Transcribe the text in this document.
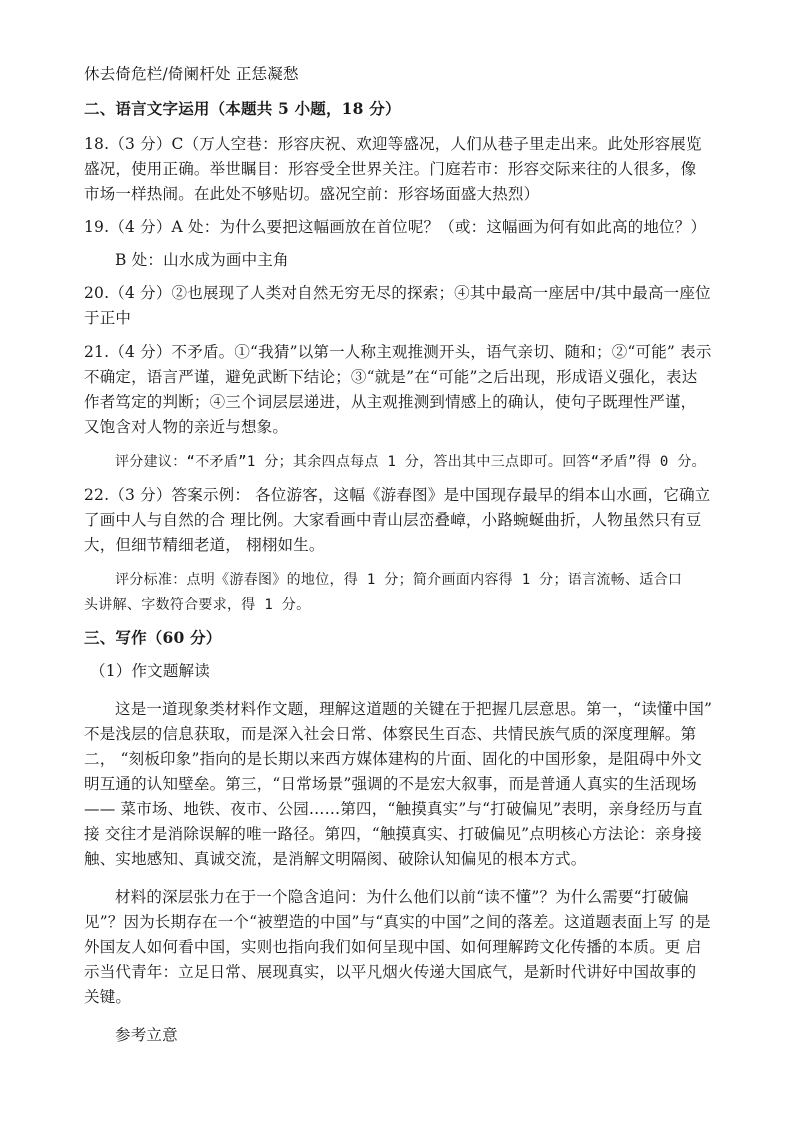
休去倚危栏/倚阑杆处 正恁凝愁
二、语言文字运用（本题共 5 小题，18 分）
18.（3 分）C（万人空巷：形容庆祝、欢迎等盛况，人们从巷子里走出来。此处形容展览
盛况，使用正确。举世瞩目：形容受全世界关注。门庭若市：形容交际来往的人很多，像
市场一样热闹。在此处不够贴切。盛况空前：形容场面盛大热烈）
19.（4 分）A 处：为什么要把这幅画放在首位呢？（或：这幅画为何有如此高的地位？）
B 处：山水成为画中主角
20.（4 分）②也展现了人类对自然无穷无尽的探索；④其中最高一座居中/其中最高一座位
于正中
21.（4 分）不矛盾。①“我猜”以第一人称主观推测开头，语气亲切、随和；②“可能” 表示
不确定，语言严谨，避免武断下结论；③“就是”在“可能”之后出现，形成语义强化，表达
作者笃定的判断；④三个词层层递进，从主观推测到情感上的确认，使句子既理性严谨，
又饱含对人物的亲近与想象。
评分建议：“不矛盾”1 分；其余四点每点 1 分，答出其中三点即可。回答“矛盾”得 0 分。
22.（3 分）答案示例： 各位游客，这幅《游春图》是中国现存最早的绢本山水画，它确立
了画中人与自然的合 理比例。大家看画中青山层峦叠嶂，小路蜿蜒曲折，人物虽然只有豆
大，但细节精细老道， 栩栩如生。
评分标准：点明《游春图》的地位，得 1 分；简介画面内容得 1 分；语言流畅、适合口
头讲解、字数符合要求，得 1 分。
三、写作（60 分）
（1）作文题解读
这是一道现象类材料作文题，理解这道题的关键在于把握几层意思。第一，“读懂中国”
不是浅层的信息获取，而是深入社会日常、体察民生百态、共情民族气质的深度理解。第
二， “刻板印象”指向的是长期以来西方媒体建构的片面、固化的中国形象，是阻碍中外文
明互通的认知壁垒。第三，“日常场景”强调的不是宏大叙事，而是普通人真实的生活现场
—— 菜市场、地铁、夜市、公园……第四，“触摸真实”与“打破偏见”表明，亲身经历与直
接 交往才是消除误解的唯一路径。第四，“触摸真实、打破偏见”点明核心方法论：亲身接
触、实地感知、真诚交流，是消解文明隔阂、破除认知偏见的根本方式。
材料的深层张力在于一个隐含追问：为什么他们以前“读不懂”？为什么需要“打破偏
见”？因为长期存在一个“被塑造的中国”与“真实的中国”之间的落差。这道题表面上写 的是
外国友人如何看中国，实则也指向我们如何呈现中国、如何理解跨文化传播的本质。更 启
示当代青年：立足日常、展现真实，以平凡烟火传递大国底气，是新时代讲好中国故事的
关键。
参考立意
